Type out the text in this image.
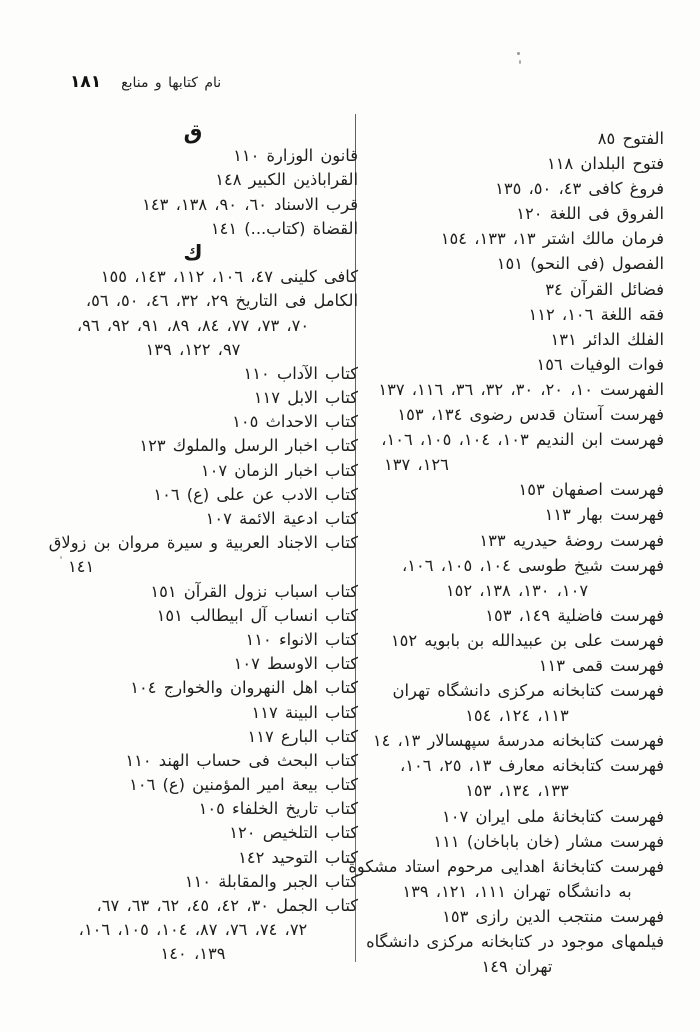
نام كتابها و منابع
١٨١
الفتوح ٨٥
فتوح البلدان ١١٨
فروغ كافى ٤٣، ٥٠، ١٣٥
الفروق فى اللغة ١٢٠
فرمان مالك اشتر ١٣، ١٣٣، ١٥٤
الفصول (فى النحو) ١٥١
فضائل القرآن ٣٤
فقه اللغة ١٠٦، ١١٢
الفلك الدائر ١٣١
فوات الوفيات ١٥٦
الفهرست ١٠، ٢٠، ٣٠، ٣٢، ٣٦، ١١٦، ١٣٧
فهرست آستان قدس رضوى ١٣٤، ١٥٣
فهرست ابن النديم ١٠٣، ١٠٤، ١٠٥، ١٠٦،
١٢٦، ١٣٧
فهرست اصفهان ١٥٣
فهرست بهار ١١٣
فهرست روضهٔ حيدريه ١٣٣
فهرست شيخ طوسى ١٠٤، ١٠٥، ١٠٦،
١٠٧، ١٣٠، ١٣٨، ١٥٢
فهرست فاضلية ١٤٩، ١٥٣
فهرست على بن عبيدالله بن بابويه ١٥٢
فهرست قمى ١١٣
فهرست كتابخانه مركزى دانشگاه تهران
١١٣، ١٢٤، ١٥٤
فهرست كتابخانه مدرسهٔ سپهسالار ١٣، ١٤
فهرست كتابخانه معارف ١٣، ٢٥، ١٠٦،
١٣٣، ١٣٤، ١٥٣
فهرست كتابخانهٔ ملى ايران ١٠٧
فهرست مشار (خان باباخان) ١١١
فهرست كتابخانهٔ اهدايى مرحوم استاد مشكوة
به دانشگاه تهران ١١١، ١٢١، ١٣٩
فهرست منتجب الدين رازى ١٥٣
فيلمهاى موجود در كتابخانه مركزى دانشگاه
تهران ١٤٩
ق
قانون الوزارة ١١٠
القراباذين الكبير ١٤٨
قرب الاسناد ٦٠، ٩٠، ١٣٨، ١٤٣
القضاة (كتاب...) ١٤١
ك
كافى كلينى ٤٧، ١٠٦، ١١٢، ١٤٣، ١٥٥
الكامل فى التاريخ ٢٩، ٣٢، ٤٦، ٥٠، ٥٦،
٧٠، ٧٣، ٧٧، ٨٤، ٨٩، ٩١، ٩٢، ٩٦،
٩٧، ١٢٢، ١٣٩
كتاب الآداب ١١٠
كتاب الابل ١١٧
كتاب الاحداث ١٠٥
كتاب اخبار الرسل والملوك ١٢٣
كتاب اخبار الزمان ١٠٧
كتاب الادب عن على (ع) ١٠٦
كتاب ادعية الائمة ١٠٧
كتاب الاجناد العربية و سيرة مروان بن زولاق
١٤١
كتاب اسباب نزول القرآن ١٥١
كتاب انساب آل ابيطالب ١٥١
كتاب الانواء ١١٠
كتاب الاوسط ١٠٧
كتاب اهل النهروان والخوارج ١٠٤
كتاب البينة ١١٧
كتاب البارع ١١٧
كتاب البحث فى حساب الهند ١١٠
كتاب بيعة امير المؤمنين (ع) ١٠٦
كتاب تاريخ الخلفاء ١٠٥
كتاب التلخيص ١٢٠
كتاب التوحيد ١٤٢
كتاب الجبر والمقابلة ١١٠
كتاب الجمل ٣٠، ٤٢، ٤٥، ٦٢، ٦٣، ٦٧،
٧٢، ٧٤، ٧٦، ٨٧، ١٠٤، ١٠٥، ١٠٦،
١٣٩، ١٤٠
